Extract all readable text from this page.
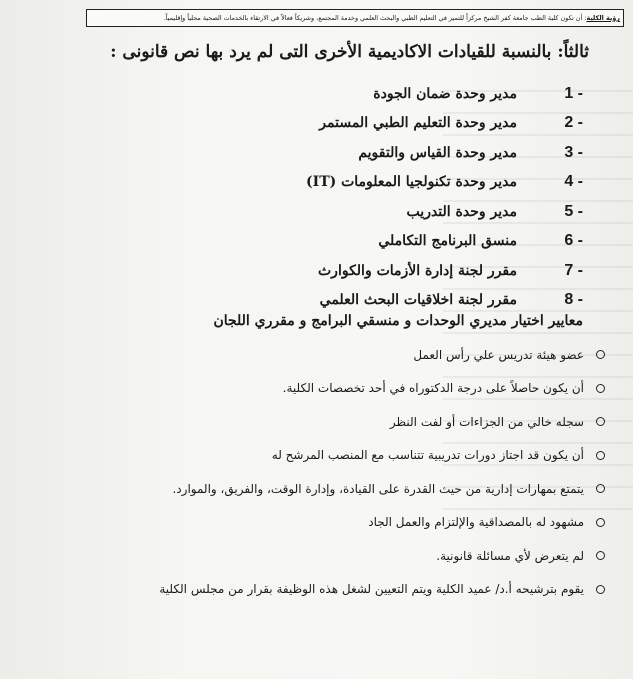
رؤية الكلية: أن تكون كلية الطب جامعة كفر الشيخ مركزاً للتميز في التعليم الطبي والبحث العلمي وخدمة المجتمع، وشريكاً فعالاً في الارتقاء بالخدمات الصحية محلياً وإقليمياً.
ثالثاً: بالنسبة للقيادات الاكاديمية الأخرى التى لم يرد بها نص قانونى :
1 -
مدير وحدة ضمان الجودة
2 -
مدير وحدة التعليم الطبي المستمر
3 -
مدير وحدة القياس والتقويم
4 -
مدير وحدة تكنولجيا المعلومات (IT)
5 -
مدير وحدة التدريب
6 -
منسق البرنامج التكاملي
7 -
مقرر لجنة إدارة الأزمات والكوارث
8 -
مقرر لجنة اخلاقيات البحث العلمي
معايير اختيار مديري الوحدات و منسقي البرامج و مقرري اللجان
عضو هيئة تدريس علي رأس العمل
أن يكون حاصلاً على درجة الدكتوراه في أحد تخصصات الكلية.
سجله خالي من الجزاءات أو لفت النظر
أن يكون قد اجتاز دورات تدريبية تتناسب مع المنصب المرشح له
يتمتع بمهارات إدارية من حيث القدرة على القيادة، وإدارة الوقت، والفريق، والموارد.
مشهود له بالمصداقية والإلتزام والعمل الجاد
لم يتعرض لأي مسائلة قانونية.
يقوم بترشيحه أ.د/ عميد الكلية ويتم التعيين لشغل هذه الوظيفة بقرار من مجلس الكلية
